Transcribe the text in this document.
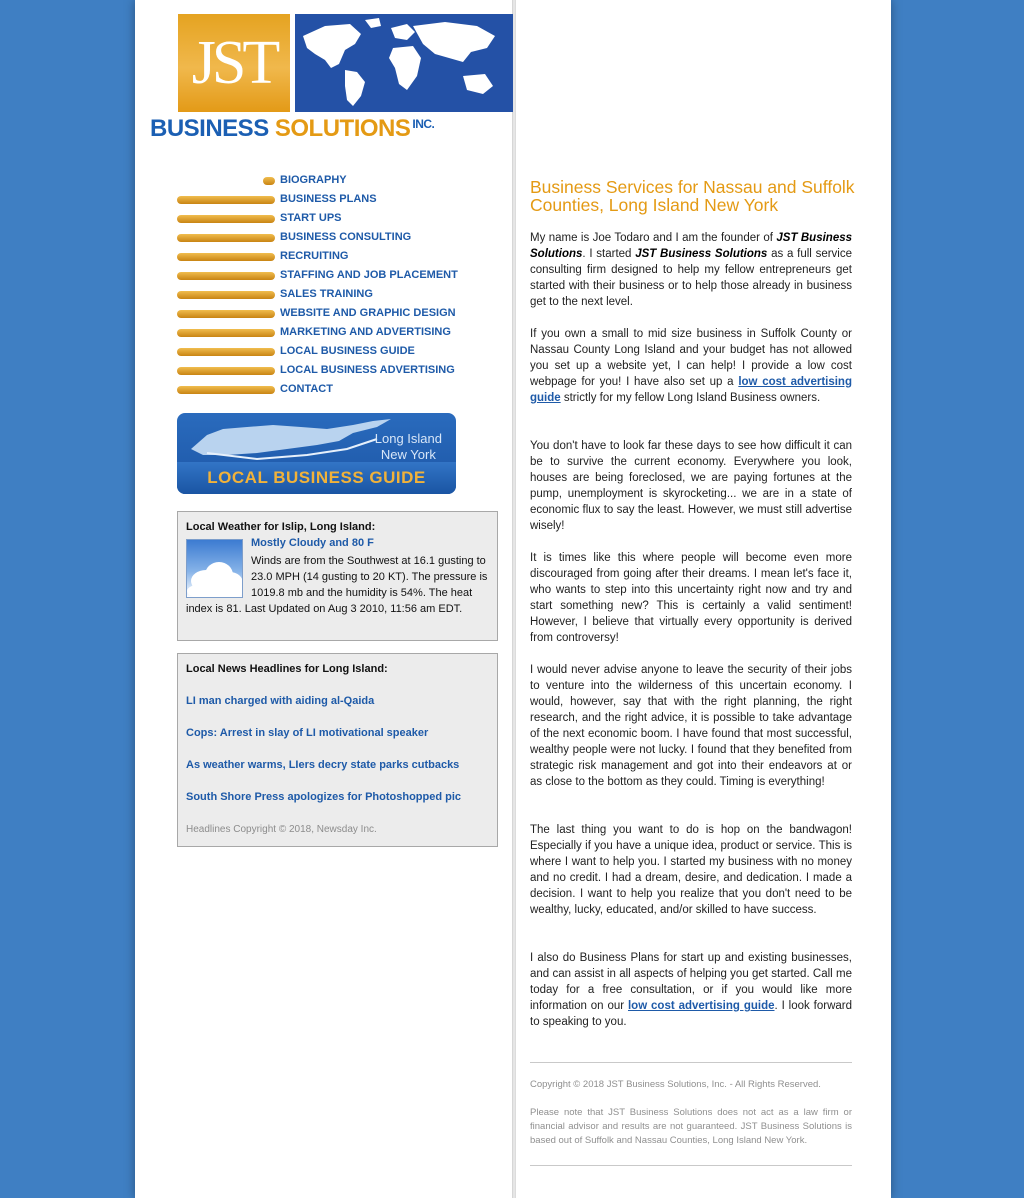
JST
BUSINESS SOLUTIONS $^{INC.}$
BIOGRAPHY
BUSINESS PLANS
START UPS
BUSINESS CONSULTING
RECRUITING
STAFFING AND JOB PLACEMENT
SALES TRAINING
WEBSITE AND GRAPHIC DESIGN
MARKETING AND ADVERTISING
LOCAL BUSINESS GUIDE
LOCAL BUSINESS ADVERTISING
CONTACT
Long Island
New York
LOCAL BUSINESS GUIDE
Local Weather for Islip, Long Island:
Mostly Cloudy and 80 F
Winds are from the Southwest at 16.1 gusting to 23.0 MPH (14 gusting to 20 KT). The pressure is 1019.8 mb and the humidity is 54%. The heat index is 81. Last Updated on Aug 3 2010, 11:56 am EDT.
Local News Headlines for Long Island:
LI man charged with aiding al-Qaida
Cops: Arrest in slay of LI motivational speaker
As weather warms, LIers decry state parks cutbacks
South Shore Press apologizes for Photoshopped pic
Headlines Copyright © 2018, Newsday Inc.
Business Services for Nassau and Suffolk Counties, Long Island New York

My name is Joe Todaro and I am the founder of JST Business Solutions. I started JST Business Solutions as a full service consulting firm designed to help my fellow entrepreneurs get started with their business or to help those already in business get to the next level.

If you own a small to mid size business in Suffolk County or Nassau County Long Island and your budget has not allowed you set up a website yet, I can help! I provide a low cost webpage for you! I have also set up a low cost advertising guide strictly for my fellow Long Island Business owners.

You don't have to look far these days to see how difficult it can be to survive the current economy. Everywhere you look, houses are being foreclosed, we are paying fortunes at the pump, unemployment is skyrocketing... we are in a state of economic flux to say the least. However, we must still advertise wisely!

It is times like this where people will become even more discouraged from going after their dreams. I mean let's face it, who wants to step into this uncertainty right now and try and start something new? This is certainly a valid sentiment! However, I believe that virtually every opportunity is derived from controversy!

I would never advise anyone to leave the security of their jobs to venture into the wilderness of this uncertain economy. I would, however, say that with the right planning, the right research, and the right advice, it is possible to take advantage of the next economic boom. I have found that most successful, wealthy people were not lucky. I found that they benefited from strategic risk management and got into their endeavors at or as close to the bottom as they could. Timing is everything!

The last thing you want to do is hop on the bandwagon! Especially if you have a unique idea, product or service. This is where I want to help you. I started my business with no money and no credit. I had a dream, desire, and dedication. I made a decision. I want to help you realize that you don't need to be wealthy, lucky, educated, and/or skilled to have success.

I also do Business Plans for start up and existing businesses, and can assist in all aspects of helping you get started. Call me today for a free consultation, or if you would like more information on our low cost advertising guide. I look forward to speaking to you.

Copyright © 2018 JST Business Solutions, Inc. - All Rights Reserved.
Please note that JST Business Solutions does not act as a law firm or financial advisor and results are not guaranteed. JST Business Solutions is based out of Suffolk and Nassau Counties, Long Island New York.
